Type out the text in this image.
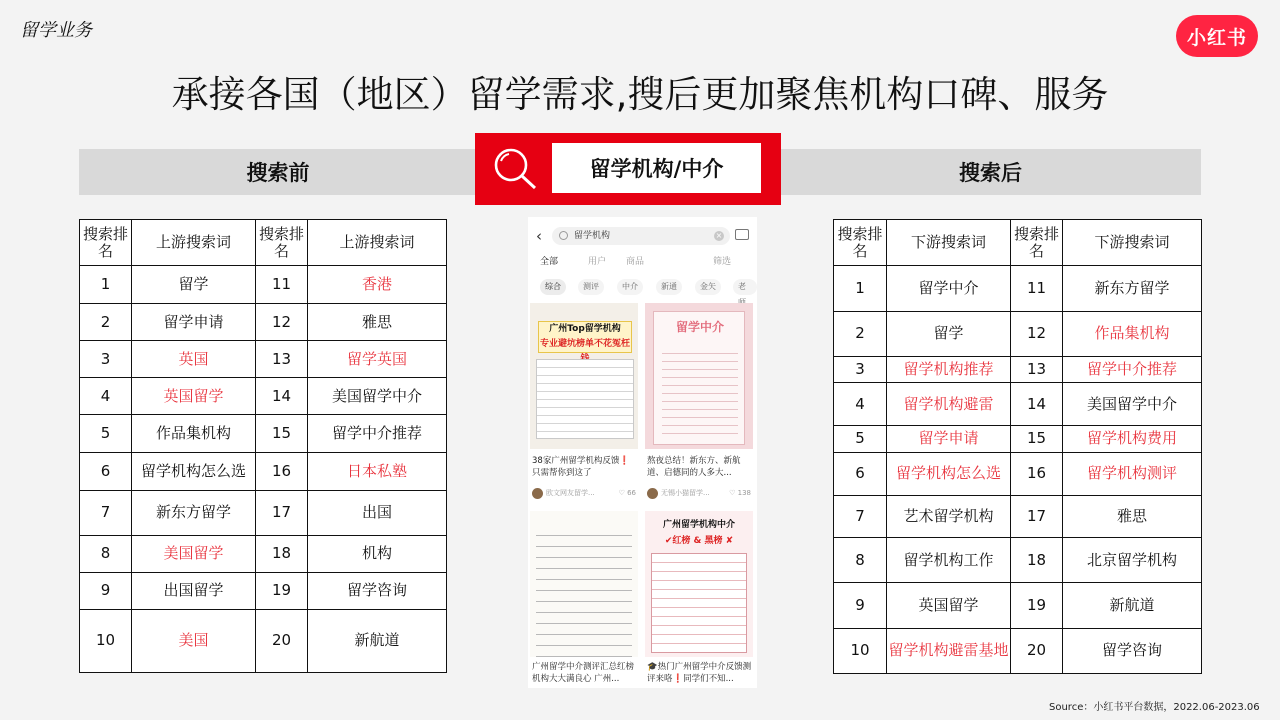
留学业务	小红书
承接各国（地区）留学需求,搜后更加聚焦机构口碑、服务
搜索前	搜索后
留学机构/中介
搜索排名	上游搜索词	搜索排名	上游搜索词
1	留学	11	香港
2	留学申请	12	雅思
3	英国	13	留学英国
4	英国留学	14	美国留学中介
5	作品集机构	15	留学中介推荐
6	留学机构怎么选	16	日本私塾
7	新东方留学	17	出国
8	美国留学	18	机构
9	出国留学	19	留学咨询
10	美国	20	新航道
‹	留学机构	×
全部	用户 商品	筛选
综合	测评	中介	新通	金矢	老
广州Top留学机构
专业避坑榜单不花冤枉
38家广州留学机构反馈❗只需帮你到这了
欧文网友留学...	♡ 66
留学中介
熬夜总结！新东方、新航道、启德同的人多大...
无锡小猫留学...	♡ 138
广州留学中介测评汇总红榜机构大大满良心 广州...
广州留学机构中介
✔红榜 & 黑榜 ✘
🎓热门广州留学中介反馈测评来咯❗同学们不知...
搜索排名	下游搜索词	搜索排名	下游搜索词
1	留学中介	11	新东方留学
2	留学	12	作品集机构
3	留学机构推荐	13	留学中介推荐
4	留学机构避雷	14	美国留学中介
5	留学申请	15	留学机构费用
6	留学机构怎么选	16	留学机构测评
7	艺术留学机构	17	雅思
8	留学机构工作	18	北京留学机构
9	英国留学	19	新航道
10	留学机构避雷基地	20	留学咨询
Source：小红书平台数据，2022.06-2023.06
